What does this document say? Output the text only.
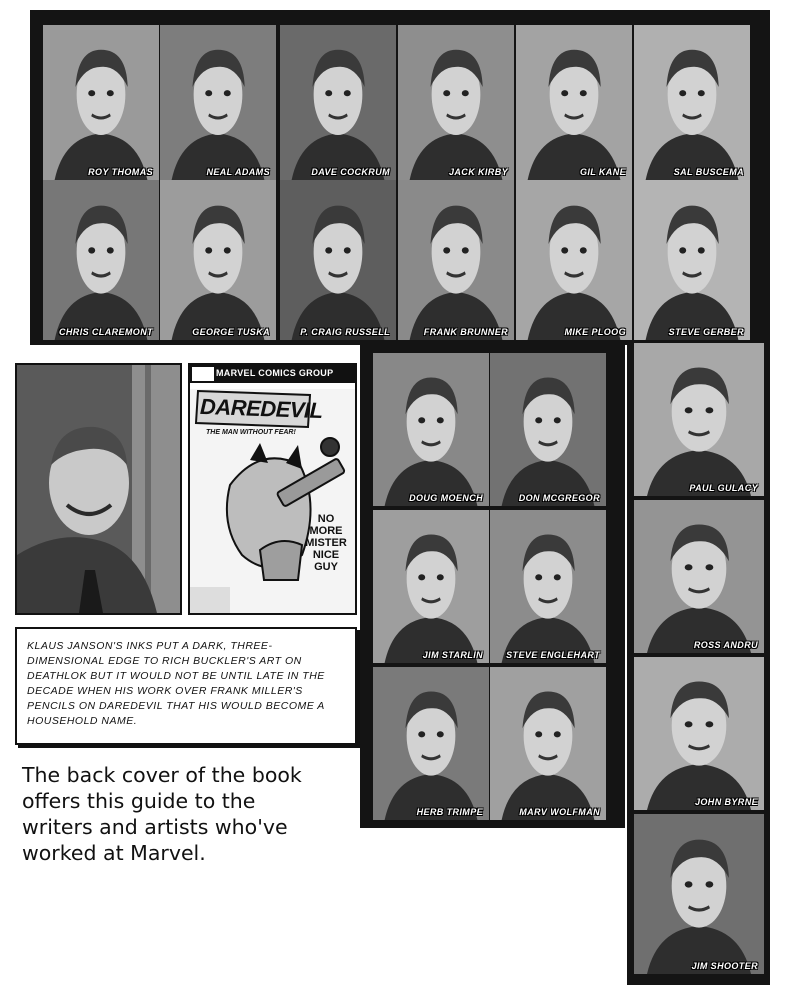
ROY THOMAS	NEAL ADAMS	DAVE COCKRUM	JACK KIRBY	GIL KANE	SAL BUSCEMA
CHRIS CLAREMONT	GEORGE TUSKA	P. CRAIG RUSSELL	FRANK BRUNNER	MIKE PLOOG	STEVE GERBER
DOUG MOENCH	DON MCGREGOR
JIM STARLIN	STEVE ENGLEHART
HERB TRIMPE	MARV WOLFMAN
PAUL GULACY
ROSS ANDRU
JOHN BYRNE
JIM SHOOTER
MARVEL COMICS GROUP
DAREDEVIL
THE MAN WITHOUT FEAR!
NO MORE MISTER NICE GUY

KLAUS JANSON'S INKS PUT A DARK, THREE-DIMENSIONAL EDGE TO RICH BUCKLER'S ART ON DEATHLOK BUT IT WOULD NOT BE UNTIL LATE IN THE DECADE WHEN HIS WORK OVER FRANK MILLER'S PENCILS ON DAREDEVIL THAT HIS WOULD BECOME A HOUSEHOLD NAME.

The back cover of the book offers this guide to the writers and artists who've worked at Marvel.
